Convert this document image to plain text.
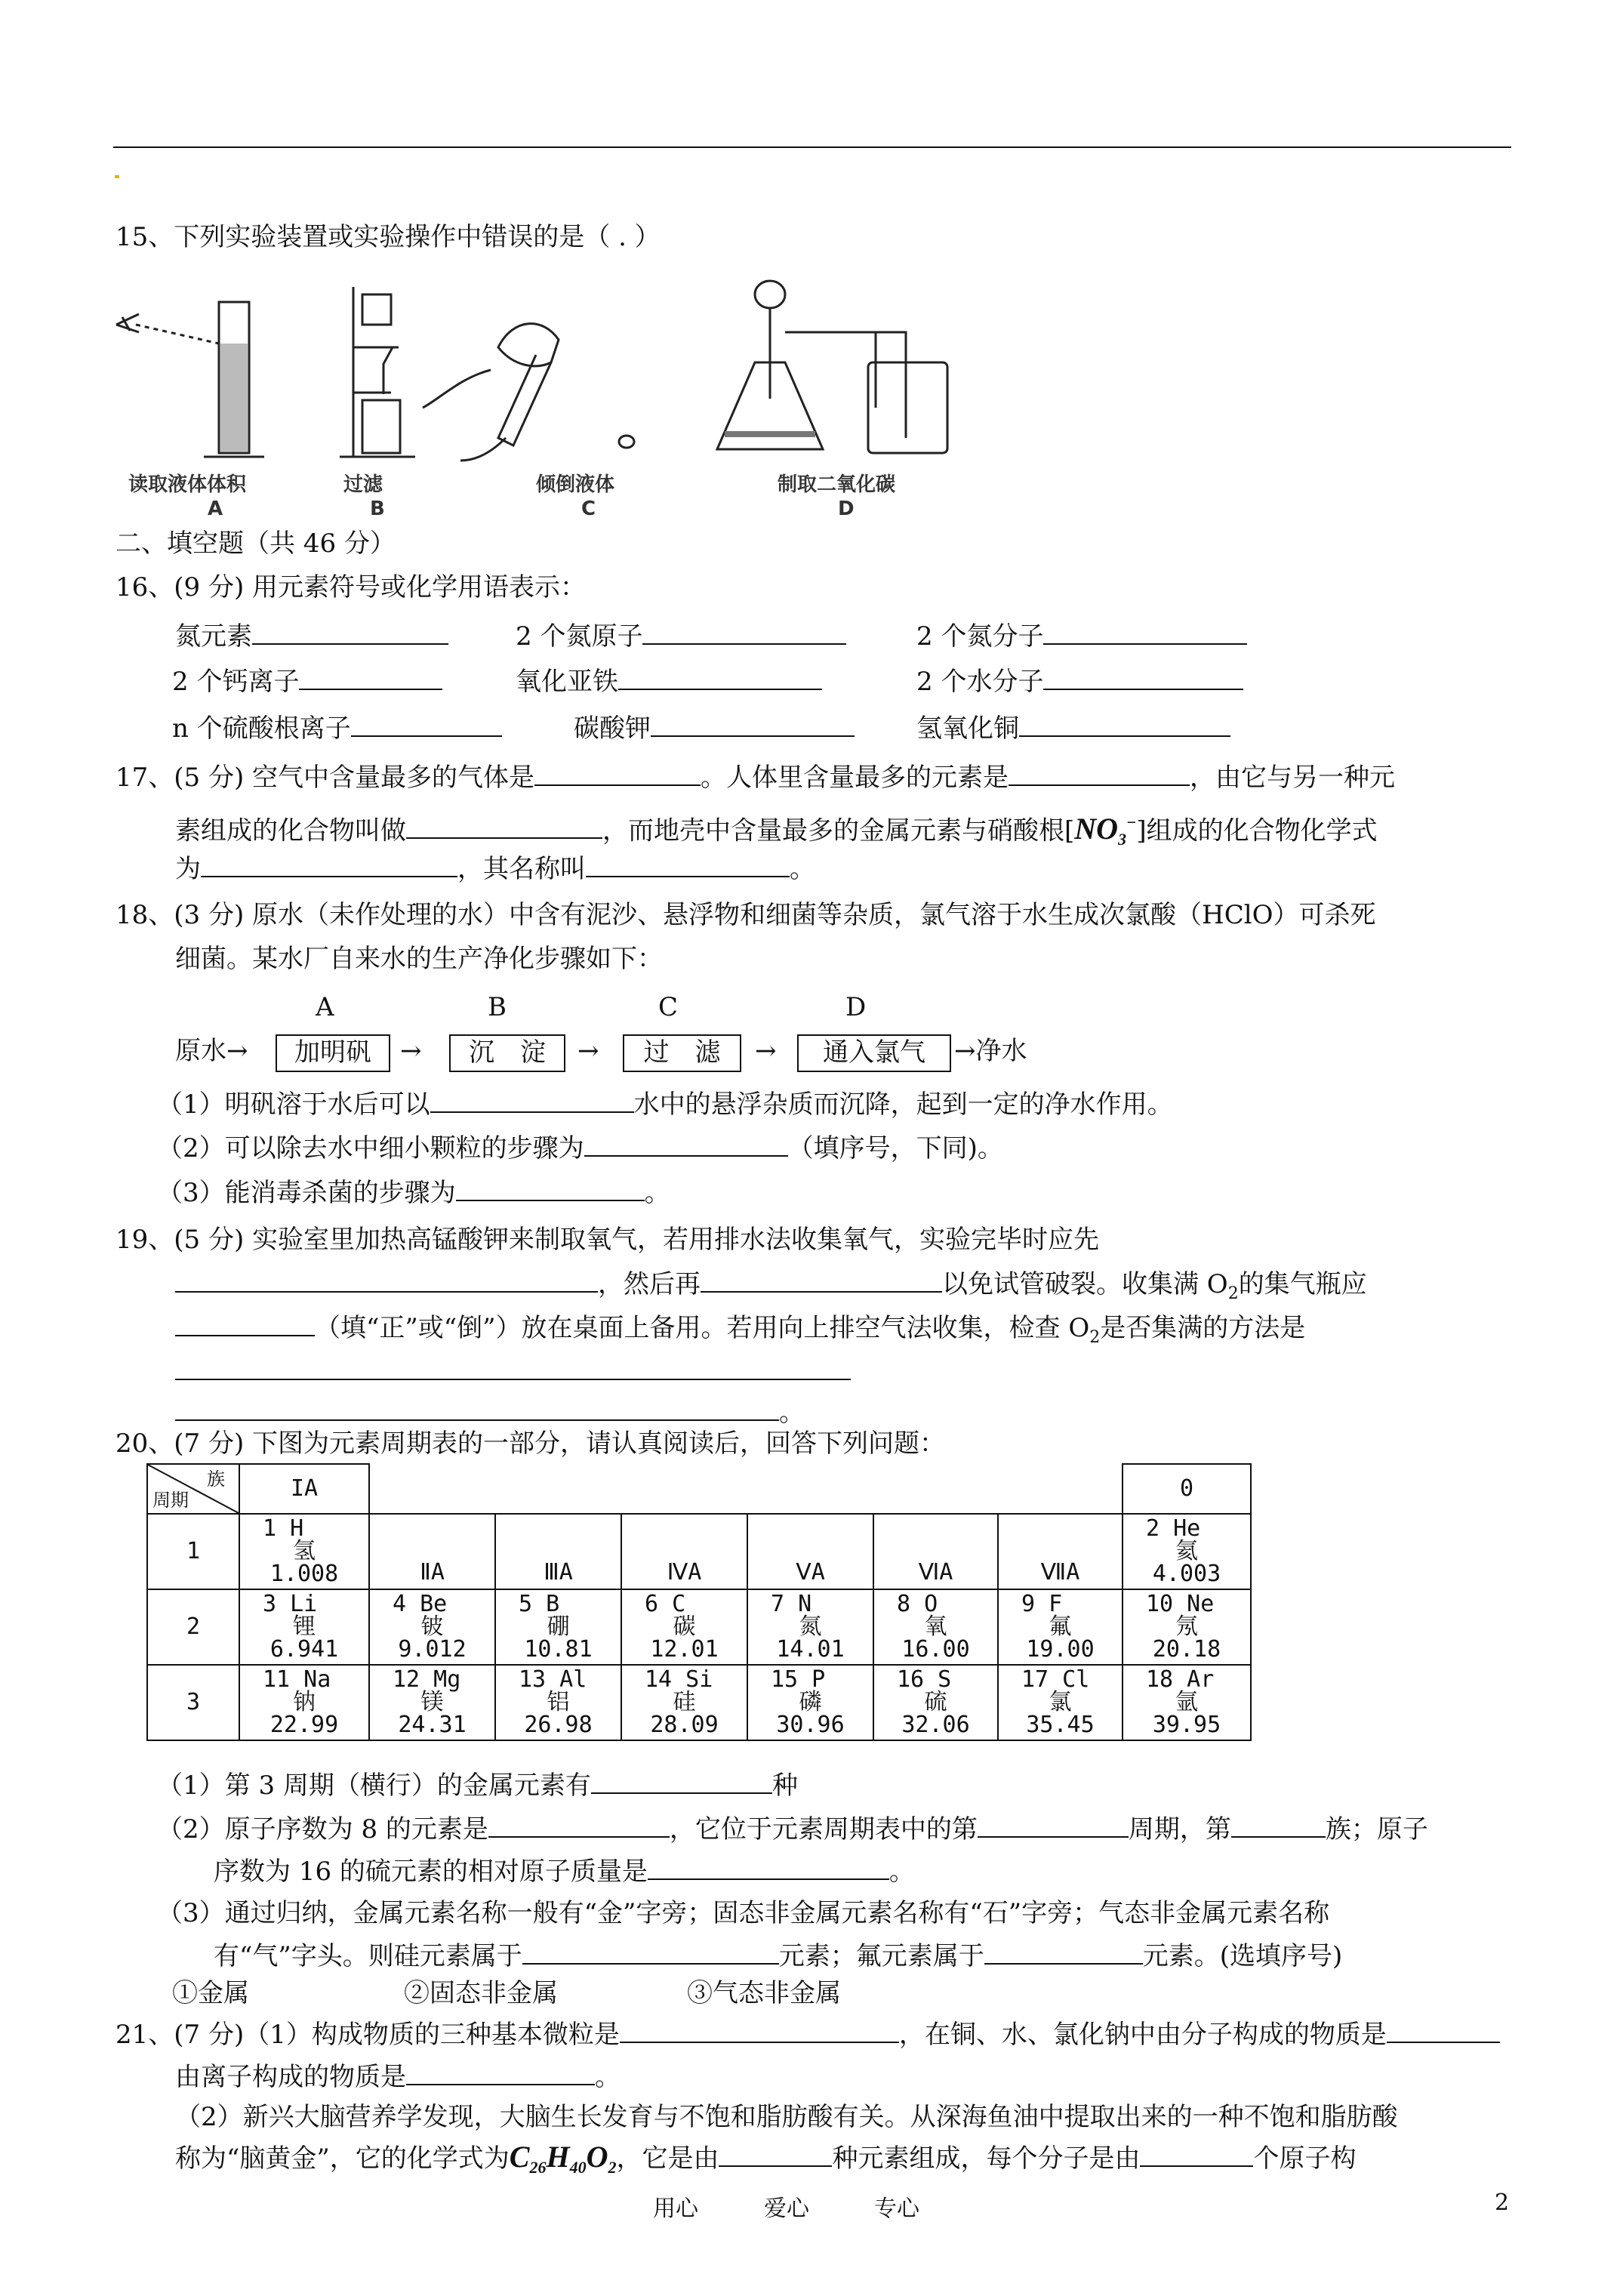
15、下列实验装置或实验操作中错误的是（ . ）
读取液体体积	过滤	倾倒液体	制取二氧化碳
A	B	C	D
二、填空题（共 46 分）
16、(9 分) 用元素符号或化学用语表示：
氮元素	2 个氮原子	2 个氮分子
2 个钙离子	氧化亚铁	2 个水分子
n 个硫酸根离子	碳酸钾	氢氧化铜
17、(5 分) 空气中含量最多的气体是	。人体里含量最多的元素是	，由它与另一种元
素组成的化合物叫做	，而地壳中含量最多的金属元素与硝酸根$[NO_3^-]$组成的化合物化学式
为	，其名称叫	。
18、(3 分) 原水（未作处理的水）中含有泥沙、悬浮物和细菌等杂质，氯气溶于水生成次氯酸（HClO）可杀死
细菌。某水厂自来水的生产净化步骤如下：
A	B	C	D
原水→	加明矾	→	沉　淀	→	过　滤	→	通入氯气	→净水
（1）明矾溶于水后可以	水中的悬浮杂质而沉降，起到一定的净水作用。
（2）可以除去水中细小颗粒的步骤为	（填序号，下同)。
（3）能消毒杀菌的步骤为	。
19、(5 分) 实验室里加热高锰酸钾来制取氧气，若用排水法收集氧气，实验完毕时应先
，然后再	以免试管破裂。收集满 $O_2$的集气瓶应
（填“正”或“倒”）放在桌面上备用。若用向上排空气法收集，检查 $O_2$是否集满的方法是
。
20、(7 分) 下图为元素周期表的一部分，请认真阅读后，回答下列问题：
族
周期	IA							0
1	1 H
氢
1.008	ⅡA	ⅢA	ⅣA	ⅤA	ⅥA	ⅦA	2 He
氦
4.003

2	3 Li
锂
6.941	4 Be
铍
9.012	5 B
硼
10.81	6 C
碳
12.01	7 N
氮
14.01	8 O
氧
16.00	9 F
氟
19.00	10 Ne
氖
20.18

3	11 Na
钠
22.99	12 Mg
镁
24.31	13 Al
铝
26.98	14 Si
硅
28.09	15 P
磷
30.96	16 S
硫
32.06	17 Cl
氯
35.45	18 Ar
氩
39.95
（1）第 3 周期（横行）的金属元素有	种
（2）原子序数为 8 的元素是	，它位于元素周期表中的第	周期，第	族；原子
序数为 16 的硫元素的相对原子质量是	。
（3）通过归纳，金属元素名称一般有“金”字旁；固态非金属元素名称有“石”字旁；气态非金属元素名称
有“气”字头。则硅元素属于	元素；氟元素属于	元素。(选填序号)
①金属	②固态非金属	③气态非金属
21、(7 分)（1）构成物质的三种基本微粒是	，在铜、水、氯化钠中由分子构成的物质是
由离子构成的物质是	。
（2）新兴大脑营养学发现，大脑生长发育与不饱和脂肪酸有关。从深海鱼油中提取出来的一种不饱和脂肪酸
称为“脑黄金”，它的化学式为$C_{26}H_{40}O_2$，它是由	种元素组成，每个分子是由	个原子构
用心	爱心	专心	2
